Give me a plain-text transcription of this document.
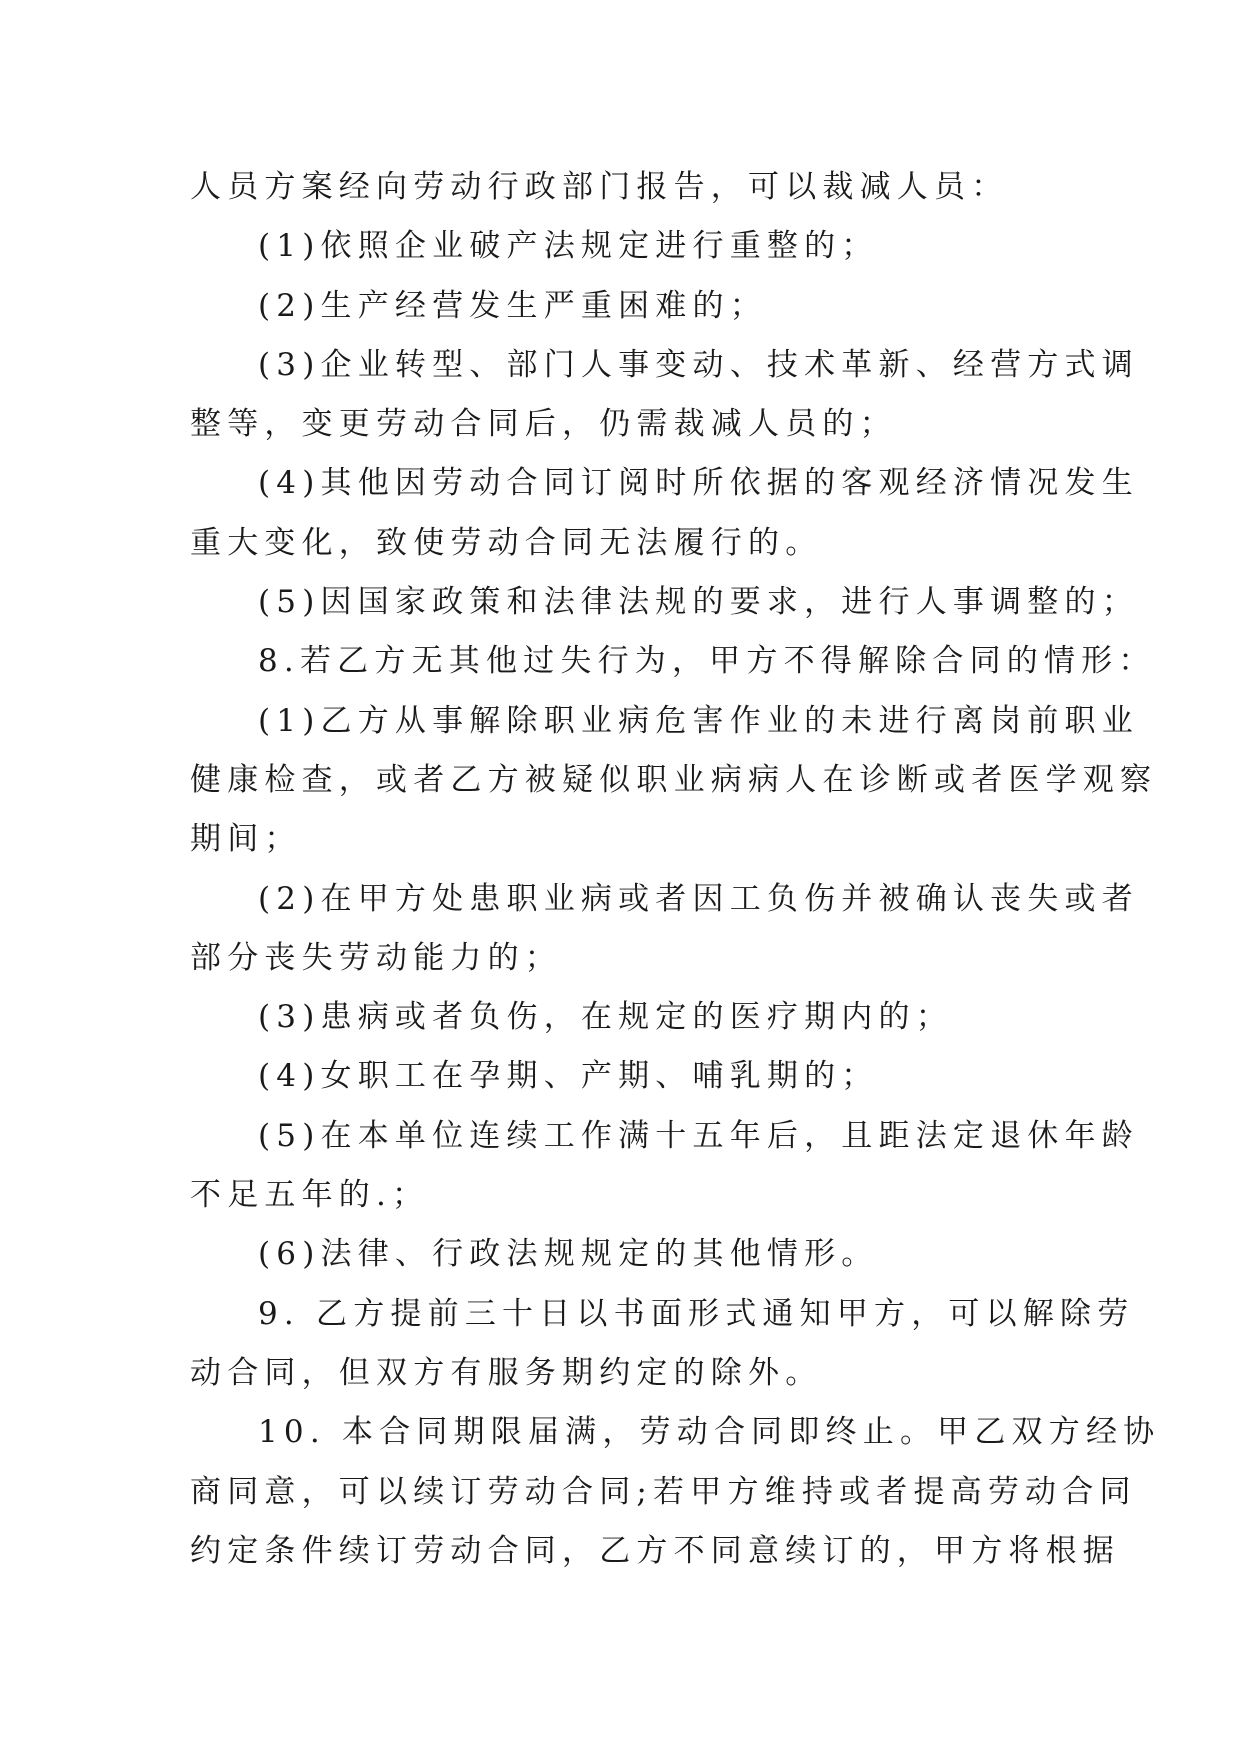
人员方案经向劳动行政部门报告，可以裁减人员：
(1)依照企业破产法规定进行重整的；
(2)生产经营发生严重困难的；
(3)企业转型、部门人事变动、技术革新、经营方式调
整等，变更劳动合同后，仍需裁减人员的；
(4)其他因劳动合同订阅时所依据的客观经济情况发生
重大变化，致使劳动合同无法履行的。
(5)因国家政策和法律法规的要求，进行人事调整的；
8.若乙方无其他过失行为，甲方不得解除合同的情形：
(1)乙方从事解除职业病危害作业的未进行离岗前职业
健康检查，或者乙方被疑似职业病病人在诊断或者医学观察
期间；
(2)在甲方处患职业病或者因工负伤并被确认丧失或者
部分丧失劳动能力的；
(3)患病或者负伤，在规定的医疗期内的；
(4)女职工在孕期、产期、哺乳期的；
(5)在本单位连续工作满十五年后，且距法定退休年龄
不足五年的.；
(6)法律、行政法规规定的其他情形。
9. 乙方提前三十日以书面形式通知甲方，可以解除劳
动合同，但双方有服务期约定的除外。
10. 本合同期限届满，劳动合同即终止。甲乙双方经协
商同意，可以续订劳动合同;若甲方维持或者提高劳动合同
约定条件续订劳动合同，乙方不同意续订的，甲方将根据
